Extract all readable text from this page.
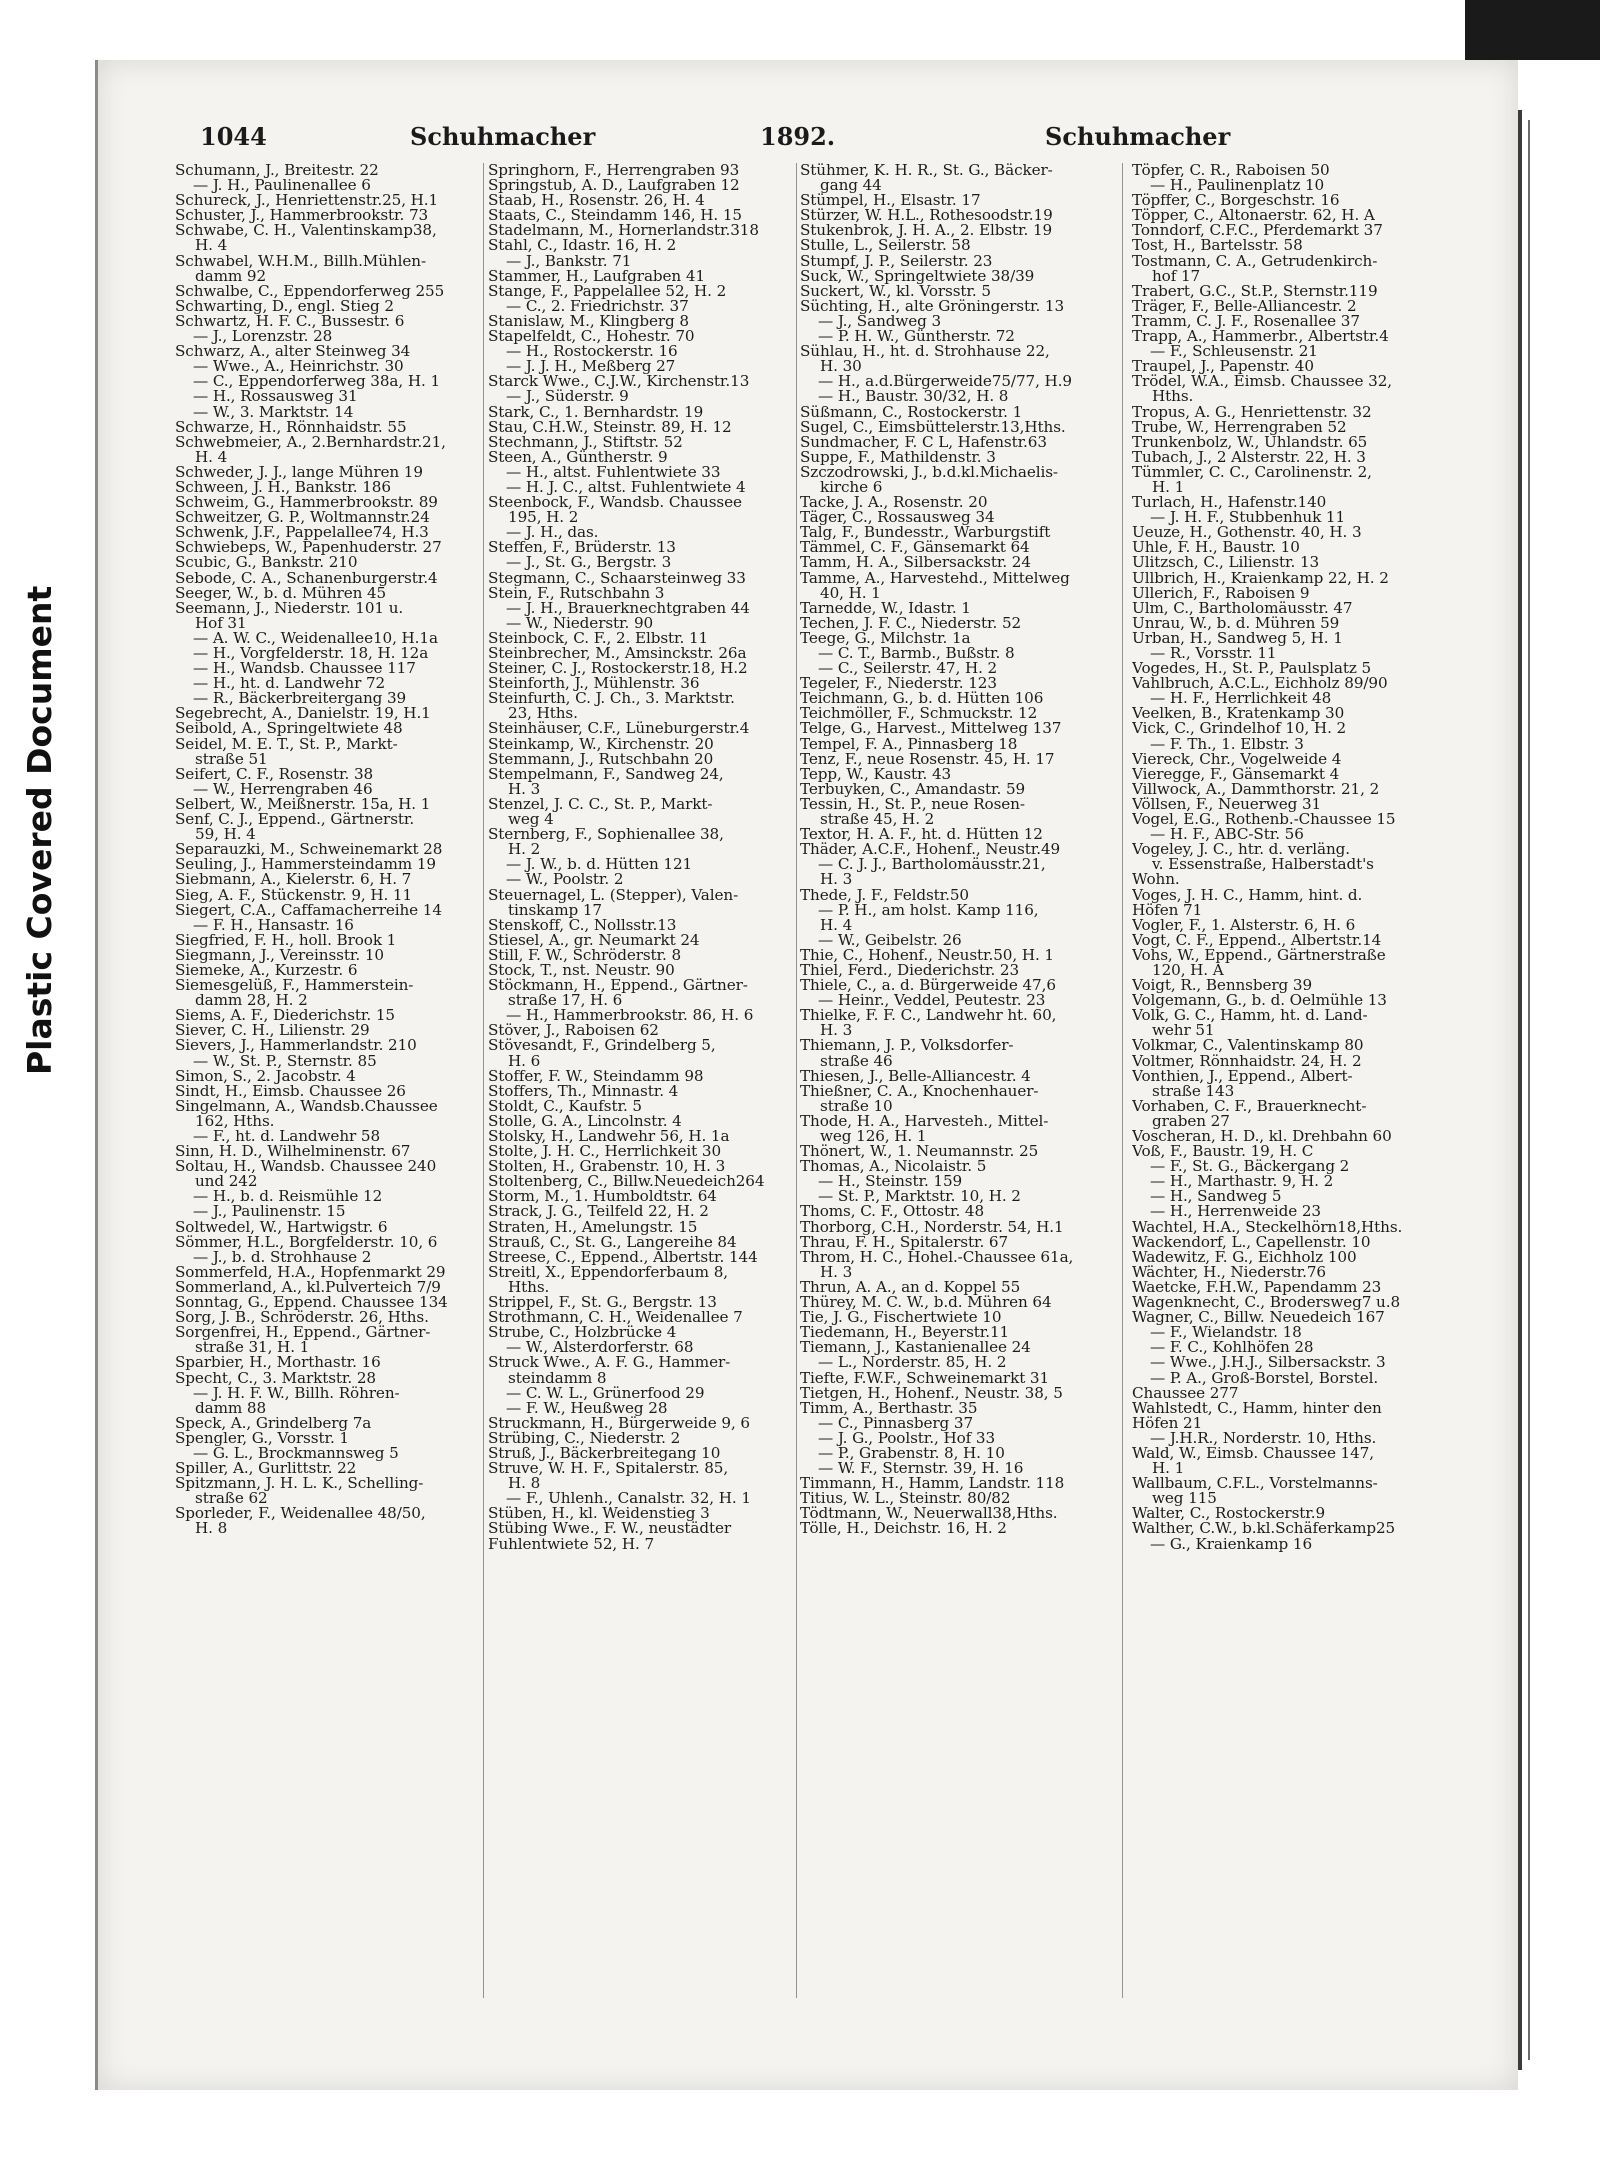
Plastic Covered Document
1044	Schuhmacher	1892.	Schuhmacher
Schumann, J., Breitestr. 22
— J. H., Paulinenallee 6
Schureck, J., Henriettenstr.25, H.1
Schuster, J., Hammerbrookstr. 73
Schwabe, C. H., Valentinskamp38,
H. 4
Schwabel, W.H.M., Billh.Mühlen-
damm 92
Schwalbe, C., Eppendorferweg 255
Schwarting, D., engl. Stieg 2
Schwartz, H. F. C., Bussestr. 6
— J., Lorenzstr. 28
Schwarz, A., alter Steinweg 34
— Wwe., A., Heinrichstr. 30
— C., Eppendorferweg 38a, H. 1
— H., Rossausweg 31
— W., 3. Marktstr. 14
Schwarze, H., Rönnhaidstr. 55
Schwebmeier, A., 2.Bernhardstr.21,
H. 4
Schweder, J. J., lange Mühren 19
Schween, J. H., Bankstr. 186
Schweim, G., Hammerbrookstr. 89
Schweitzer, G. P., Woltmannstr.24
Schwenk, J.F., Pappelallee74, H.3
Schwiebeps, W., Papenhuderstr. 27
Scubic, G., Bankstr. 210
Sebode, C. A., Schanenburgerstr.4
Seeger, W., b. d. Mühren 45
Seemann, J., Niederstr. 101 u.
Hof 31
— A. W. C., Weidenallee10, H.1a
— H., Vorgfelderstr. 18, H. 12a
— H., Wandsb. Chaussee 117
— H., ht. d. Landwehr 72
— R., Bäckerbreitergang 39
Segebrecht, A., Danielstr. 19, H.1
Seibold, A., Springeltwiete 48
Seidel, M. E. T., St. P., Markt-
straße 51
Seifert, C. F., Rosenstr. 38
— W., Herrengraben 46
Selbert, W., Meißnerstr. 15a, H. 1
Senf, C. J., Eppend., Gärtnerstr.
59, H. 4
Separauzki, M., Schweinemarkt 28
Seuling, J., Hammersteindamm 19
Siebmann, A., Kielerstr. 6, H. 7
Sieg, A. F., Stückenstr. 9, H. 11
Siegert, C.A., Caffamacherreihe 14
— F. H., Hansastr. 16
Siegfried, F. H., holl. Brook 1
Siegmann, J., Vereinsstr. 10
Siemeke, A., Kurzestr. 6
Siemesgelüß, F., Hammerstein-
damm 28, H. 2
Siems, A. F., Diederichstr. 15
Siever, C. H., Lilienstr. 29
Sievers, J., Hammerlandstr. 210
— W., St. P., Sternstr. 85
Simon, S., 2. Jacobstr. 4
Sindt, H., Eimsb. Chaussee 26
Singelmann, A., Wandsb.Chaussee
162, Hths.
— F., ht. d. Landwehr 58
Sinn, H. D., Wilhelminenstr. 67
Soltau, H., Wandsb. Chaussee 240
und 242
— H., b. d. Reismühle 12
— J., Paulinenstr. 15
Soltwedel, W., Hartwigstr. 6
Sömmer, H.L., Borgfelderstr. 10, 6
— J., b. d. Strohhause 2
Sommerfeld, H.A., Hopfenmarkt 29
Sommerland, A., kl.Pulverteich 7/9
Sonntag, G., Eppend. Chaussee 134
Sorg, J. B., Schröderstr. 26, Hths.
Sorgenfrei, H., Eppend., Gärtner-
straße 31, H. 1
Sparbier, H., Morthastr. 16
Specht, C., 3. Marktstr. 28
— J. H. F. W., Billh. Röhren-
damm 88
Speck, A., Grindelberg 7a
Spengler, G., Vorsstr. 1
— G. L., Brockmannsweg 5
Spiller, A., Gurlittstr. 22
Spitzmann, J. H. L. K., Schelling-
straße 62
Sporleder, F., Weidenallee 48/50,
H. 8
Springhorn, F., Herrengraben 93
Springstub, A. D., Laufgraben 12
Staab, H., Rosenstr. 26, H. 4
Staats, C., Steindamm 146, H. 15
Stadelmann, M., Hornerlandstr.318
Stahl, C., Idastr. 16, H. 2
— J., Bankstr. 71
Stammer, H., Laufgraben 41
Stange, F., Pappelallee 52, H. 2
— C., 2. Friedrichstr. 37
Stanislaw, M., Klingberg 8
Stapelfeldt, C., Hohestr. 70
— H., Rostockerstr. 16
— J. J. H., Meßberg 27
Starck Wwe., C.J.W., Kirchenstr.13
— J., Süderstr. 9
Stark, C., 1. Bernhardstr. 19
Stau, C.H.W., Steinstr. 89, H. 12
Stechmann, J., Stiftstr. 52
Steen, A., Güntherstr. 9
— H., altst. Fuhlentwiete 33
— H. J. C., altst. Fuhlentwiete 4
Steenbock, F., Wandsb. Chaussee
195, H. 2
— J. H., das.
Steffen, F., Brüderstr. 13
— J., St. G., Bergstr. 3
Stegmann, C., Schaarsteinweg 33
Stein, F., Rutschbahn 3
— J. H., Brauerknechtgraben 44
— W., Niederstr. 90
Steinbock, C. F., 2. Elbstr. 11
Steinbrecher, M., Amsinckstr. 26a
Steiner, C. J., Rostockerstr.18, H.2
Steinforth, J., Mühlenstr. 36
Steinfurth, C. J. Ch., 3. Marktstr.
23, Hths.
Steinhäuser, C.F., Lüneburgerstr.4
Steinkamp, W., Kirchenstr. 20
Stemmann, J., Rutschbahn 20
Stempelmann, F., Sandweg 24,
H. 3
Stenzel, J. C. C., St. P., Markt-
weg 4
Sternberg, F., Sophienallee 38,
H. 2
— J. W., b. d. Hütten 121
— W., Poolstr. 2
Steuernagel, L. (Stepper), Valen-
tinskamp 17
Stenskoff, C., Nollsstr.13
Stiesel, A., gr. Neumarkt 24
Still, F. W., Schröderstr. 8
Stock, T., nst. Neustr. 90
Stöckmann, H., Eppend., Gärtner-
straße 17, H. 6
— H., Hammerbrookstr. 86, H. 6
Stöver, J., Raboisen 62
Stövesandt, F., Grindelberg 5,
H. 6
Stoffer, F. W., Steindamm 98
Stoffers, Th., Minnastr. 4
Stoldt, C., Kaufstr. 5
Stolle, G. A., Lincolnstr. 4
Stolsky, H., Landwehr 56, H. 1a
Stolte, J. H. C., Herrlichkeit 30
Stolten, H., Grabenstr. 10, H. 3
Stoltenberg, C., Billw.Neuedeich264
Storm, M., 1. Humboldtstr. 64
Strack, J. G., Teilfeld 22, H. 2
Straten, H., Amelungstr. 15
Strauß, C., St. G., Langereihe 84
Streese, C., Eppend., Albertstr. 144
Streitl, X., Eppendorferbaum 8,
Hths.
Strippel, F., St. G., Bergstr. 13
Strothmann, C. H., Weidenallee 7
Strube, C., Holzbrücke 4
— W., Alsterdorferstr. 68
Struck Wwe., A. F. G., Hammer-
steindamm 8
— C. W. L., Grünerfood 29
— F. W., Heußweg 28
Struckmann, H., Bürgerweide 9, 6
Strübing, C., Niederstr. 2
Struß, J., Bäckerbreitegang 10
Struve, W. H. F., Spitalerstr. 85,
H. 8
— F., Uhlenh., Canalstr. 32, H. 1
Stüben, H., kl. Weidenstieg 3
Stübing Wwe., F. W., neustädter
Fuhlentwiete 52, H. 7
Stühmer, K. H. R., St. G., Bäcker-
gang 44
Stümpel, H., Elsastr. 17
Stürzer, W. H.L., Rothesoodstr.19
Stukenbrok, J. H. A., 2. Elbstr. 19
Stulle, L., Seilerstr. 58
Stumpf, J. P., Seilerstr. 23
Suck, W., Springeltwiete 38/39
Suckert, W., kl. Vorsstr. 5
Süchting, H., alte Gröningerstr. 13
— J., Sandweg 3
— P. H. W., Güntherstr. 72
Sühlau, H., ht. d. Strohhause 22,
H. 30
— H., a.d.Bürgerweide75/77, H.9
— H., Baustr. 30/32, H. 8
Süßmann, C., Rostockerstr. 1
Sugel, C., Eimsbüttelerstr.13,Hths.
Sundmacher, F. C L, Hafenstr.63
Suppe, F., Mathildenstr. 3
Szczodrowski, J., b.d.kl.Michaelis-
kirche 6
Tacke, J. A., Rosenstr. 20
Täger, C., Rossausweg 34
Talg, F., Bundesstr., Warburgstift
Tämmel, C. F., Gänsemarkt 64
Tamm, H. A., Silbersackstr. 24
Tamme, A., Harvestehd., Mittelweg
40, H. 1
Tarnedde, W., Idastr. 1
Techen, J. F. C., Niederstr. 52
Teege, G., Milchstr. 1a
— C. T., Barmb., Bußstr. 8
— C., Seilerstr. 47, H. 2
Tegeler, F., Niederstr. 123
Teichmann, G., b. d. Hütten 106
Teichmöller, F., Schmuckstr. 12
Telge, G., Harvest., Mittelweg 137
Tempel, F. A., Pinnasberg 18
Tenz, F., neue Rosenstr. 45, H. 17
Tepp, W., Kaustr. 43
Terbuyken, C., Amandastr. 59
Tessin, H., St. P., neue Rosen-
straße 45, H. 2
Textor, H. A. F., ht. d. Hütten 12
Thäder, A.C.F., Hohenf., Neustr.49
— C. J. J., Bartholomäusstr.21,
H. 3
Thede, J. F., Feldstr.50
— P. H., am holst. Kamp 116,
H. 4
— W., Geibelstr. 26
Thie, C., Hohenf., Neustr.50, H. 1
Thiel, Ferd., Diederichstr. 23
Thiele, C., a. d. Bürgerweide 47,6
— Heinr., Veddel, Peutestr. 23
Thielke, F. F. C., Landwehr ht. 60,
H. 3
Thiemann, J. P., Volksdorfer-
straße 46
Thiesen, J., Belle-Alliancestr. 4
Thießner, C. A., Knochenhauer-
straße 10
Thode, H. A., Harvesteh., Mittel-
weg 126, H. 1
Thönert, W., 1. Neumannstr. 25
Thomas, A., Nicolaistr. 5
— H., Steinstr. 159
— St. P., Marktstr. 10, H. 2
Thoms, C. F., Ottostr. 48
Thorborg, C.H., Norderstr. 54, H.1
Thrau, F. H., Spitalerstr. 67
Throm, H. C., Hohel.-Chaussee 61a,
H. 3
Thrun, A. A., an d. Koppel 55
Thürey, M. C. W., b.d. Mühren 64
Tie, J. G., Fischertwiete 10
Tiedemann, H., Beyerstr.11
Tiemann, J., Kastanienallee 24
— L., Norderstr. 85, H. 2
Tiefte, F.W.F., Schweinemarkt 31
Tietgen, H., Hohenf., Neustr. 38, 5
Timm, A., Berthastr. 35
— C., Pinnasberg 37
— J. G., Poolstr., Hof 33
— P., Grabenstr. 8, H. 10
— W. F., Sternstr. 39, H. 16
Timmann, H., Hamm, Landstr. 118
Titius, W. L., Steinstr. 80/82
Tödtmann, W., Neuerwall38,Hths.
Tölle, H., Deichstr. 16, H. 2
Töpfer, C. R., Raboisen 50
— H., Paulinenplatz 10
Töpffer, C., Borgeschstr. 16
Töpper, C., Altonaerstr. 62, H. A
Tonndorf, C.F.C., Pferdemarkt 37
Tost, H., Bartelsstr. 58
Tostmann, C. A., Getrudenkirch-
hof 17
Trabert, G.C., St.P., Sternstr.119
Träger, F., Belle-Alliancestr. 2
Tramm, C. J. F., Rosenallee 37
Trapp, A., Hammerbr., Albertstr.4
— F., Schleusenstr. 21
Traupel, J., Papenstr. 40
Trödel, W.A., Eimsb. Chaussee 32,
Hths.
Tropus, A. G., Henriettenstr. 32
Trube, W., Herrengraben 52
Trunkenbolz, W., Uhlandstr. 65
Tubach, J., 2 Alsterstr. 22, H. 3
Tümmler, C. C., Carolinenstr. 2,
H. 1
Turlach, H., Hafenstr.140
— J. H. F., Stubbenhuk 11
Ueuze, H., Gothenstr. 40, H. 3
Uhle, F. H., Baustr. 10
Ulitzsch, C., Lilienstr. 13
Ullbrich, H., Kraienkamp 22, H. 2
Ullerich, F., Raboisen 9
Ulm, C., Bartholomäusstr. 47
Unrau, W., b. d. Mühren 59
Urban, H., Sandweg 5, H. 1
— R., Vorsstr. 11
Vogedes, H., St. P., Paulsplatz 5
Vahlbruch, A.C.L., Eichholz 89/90
— H. F., Herrlichkeit 48
Veelken, B., Kratenkamp 30
Vick, C., Grindelhof 10, H. 2
— F. Th., 1. Elbstr. 3
Viereck, Chr., Vogelweide 4
Vieregge, F., Gänsemarkt 4
Villwock, A., Dammthorstr. 21, 2
Völlsen, F., Neuerweg 31
Vogel, E.G., Rothenb.-Chaussee 15
— H. F., ABC-Str. 56
Vogeley, J. C., htr. d. verläng.
v. Essenstraße, Halberstadt's
Wohn.
Voges, J. H. C., Hamm, hint. d.
Höfen 71
Vogler, F., 1. Alsterstr. 6, H. 6
Vogt, C. F., Eppend., Albertstr.14
Vohs, W., Eppend., Gärtnerstraße
120, H. A
Voigt, R., Bennsberg 39
Volgemann, G., b. d. Oelmühle 13
Volk, G. C., Hamm, ht. d. Land-
wehr 51
Volkmar, C., Valentinskamp 80
Voltmer, Rönnhaidstr. 24, H. 2
Vonthien, J., Eppend., Albert-
straße 143
Vorhaben, C. F., Brauerknecht-
graben 27
Voscheran, H. D., kl. Drehbahn 60
Voß, F., Baustr. 19, H. C
— F., St. G., Bäckergang 2
— H., Marthastr. 9, H. 2
— H., Sandweg 5
— H., Herrenweide 23
Wachtel, H.A., Steckelhörn18,Hths.
Wackendorf, L., Capellenstr. 10
Wadewitz, F. G., Eichholz 100
Wächter, H., Niederstr.76
Waetcke, F.H.W., Papendamm 23
Wagenknecht, C., Brodersweg7 u.8
Wagner, C., Billw. Neuedeich 167
— F., Wielandstr. 18
— F. C., Kohlhöfen 28
— Wwe., J.H.J., Silbersackstr. 3
— P. A., Groß-Borstel, Borstel.
Chaussee 277
Wahlstedt, C., Hamm, hinter den
Höfen 21
— J.H.R., Norderstr. 10, Hths.
Wald, W., Eimsb. Chaussee 147,
H. 1
Wallbaum, C.F.L., Vorstelmanns-
weg 115
Walter, C., Rostockerstr.9
Walther, C.W., b.kl.Schäferkamp25
— G., Kraienkamp 16
